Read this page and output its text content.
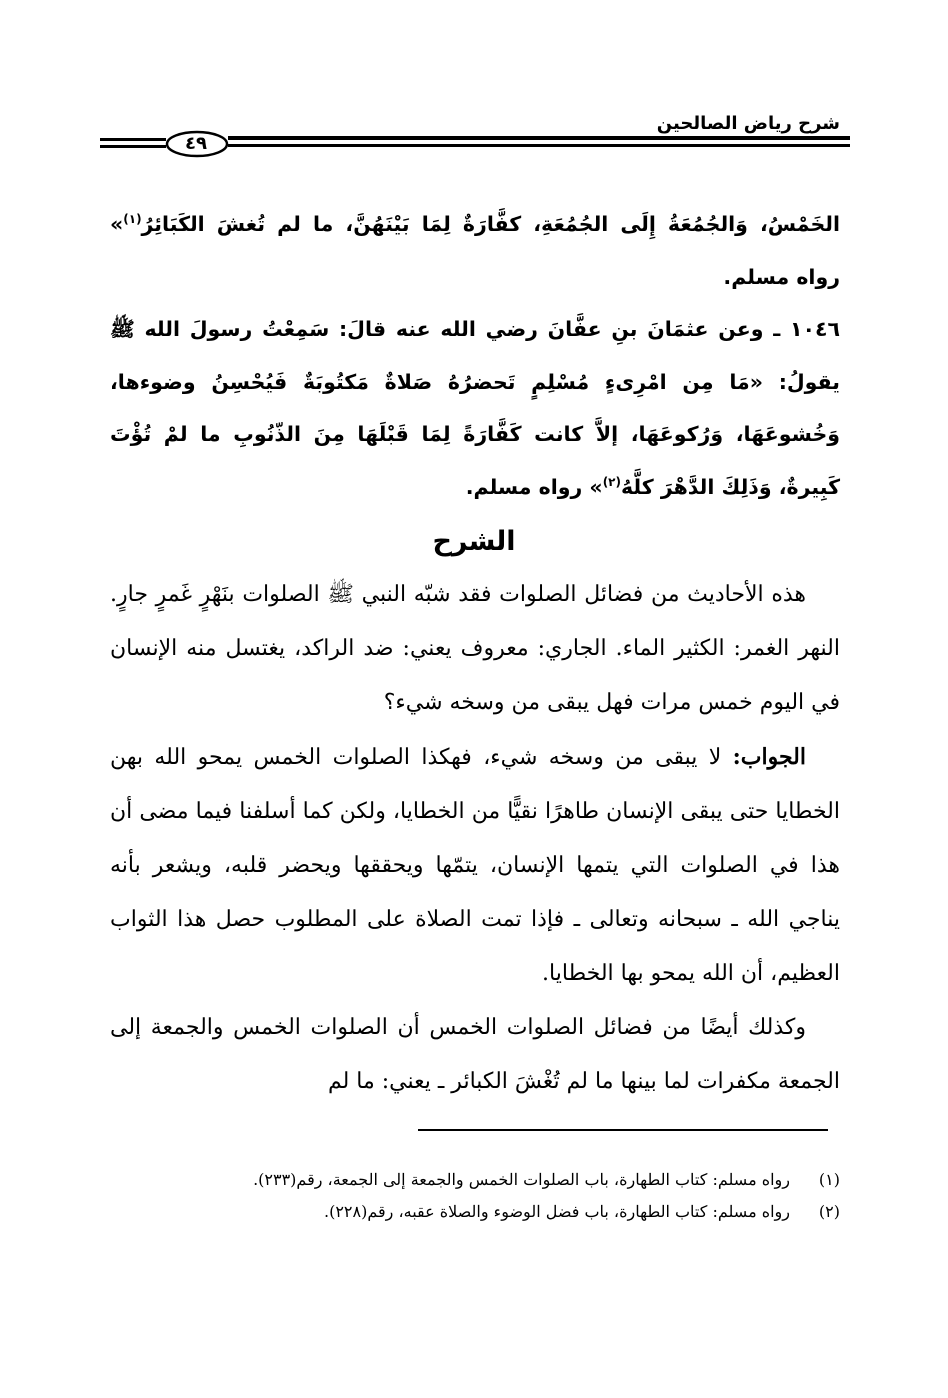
شرح رياض الصالحين
٤٩
الخَمْسُ، وَالجُمُعَةُ إِلَى الجُمُعَةِ، كفَّارَةٌ لِمَا بَيْنَهُنَّ، ما لم تُغشَ الكَبَائِرُ$^{(١)}$» رواه مسلم.
١٠٤٦ ـ وعن عثمَانَ بنِ عفَّانَ رضي الله عنه قالَ: سَمِعْتُ رسولَ الله ﷺ يقولُ: «مَا مِن امْرِىءٍ مُسْلِمٍ تَحضرُهُ صَلاةٌ مَكتُوبَةٌ فَيُحْسِنُ وضوءها، وَخُشوعَهَا، وَرُكوعَهَا، إلاَّ كانت كَفَّارَةً لِمَا قَبْلَهَا مِنَ الذّنُوبِ ما لمْ تُؤْتَ كَبِيرةٌ، وَذَلِكَ الدَّهْرَ كلَّهُ$^{(٢)}$» رواه مسلم.
الشرح
هذه الأحاديث من فضائل الصلوات فقد شبّه النبي ﷺ الصلوات بنَهْرٍ غَمرٍ جارٍ. النهر الغمر: الكثير الماء. الجاري: معروف يعني: ضد الراكد، يغتسل منه الإنسان في اليوم خمس مرات فهل يبقى من وسخه شيء؟
الجواب: لا يبقى من وسخه شيء، فهكذا الصلوات الخمس يمحو الله بهن الخطايا حتى يبقى الإنسان طاهرًا نقيًّا من الخطايا، ولكن كما أسلفنا فيما مضى أن هذا في الصلوات التي يتمها الإنسان، يتمّها ويحققها ويحضر قلبه، ويشعر بأنه يناجي الله ـ سبحانه وتعالى ـ فإذا تمت الصلاة على المطلوب حصل هذا الثواب العظيم، أن الله يمحو بها الخطايا.
وكذلك أيضًا من فضائل الصلوات الخمس أن الصلوات الخمس والجمعة إلى الجمعة مكفرات لما بينها ما لم تُغْشَ الكبائر ـ يعني: ما لم
(١)
رواه مسلم: كتاب الطهارة، باب الصلوات الخمس والجمعة إلى الجمعة، رقم(٢٣٣).
(٢)
رواه مسلم: كتاب الطهارة، باب فضل الوضوء والصلاة عقبه، رقم(٢٢٨).
